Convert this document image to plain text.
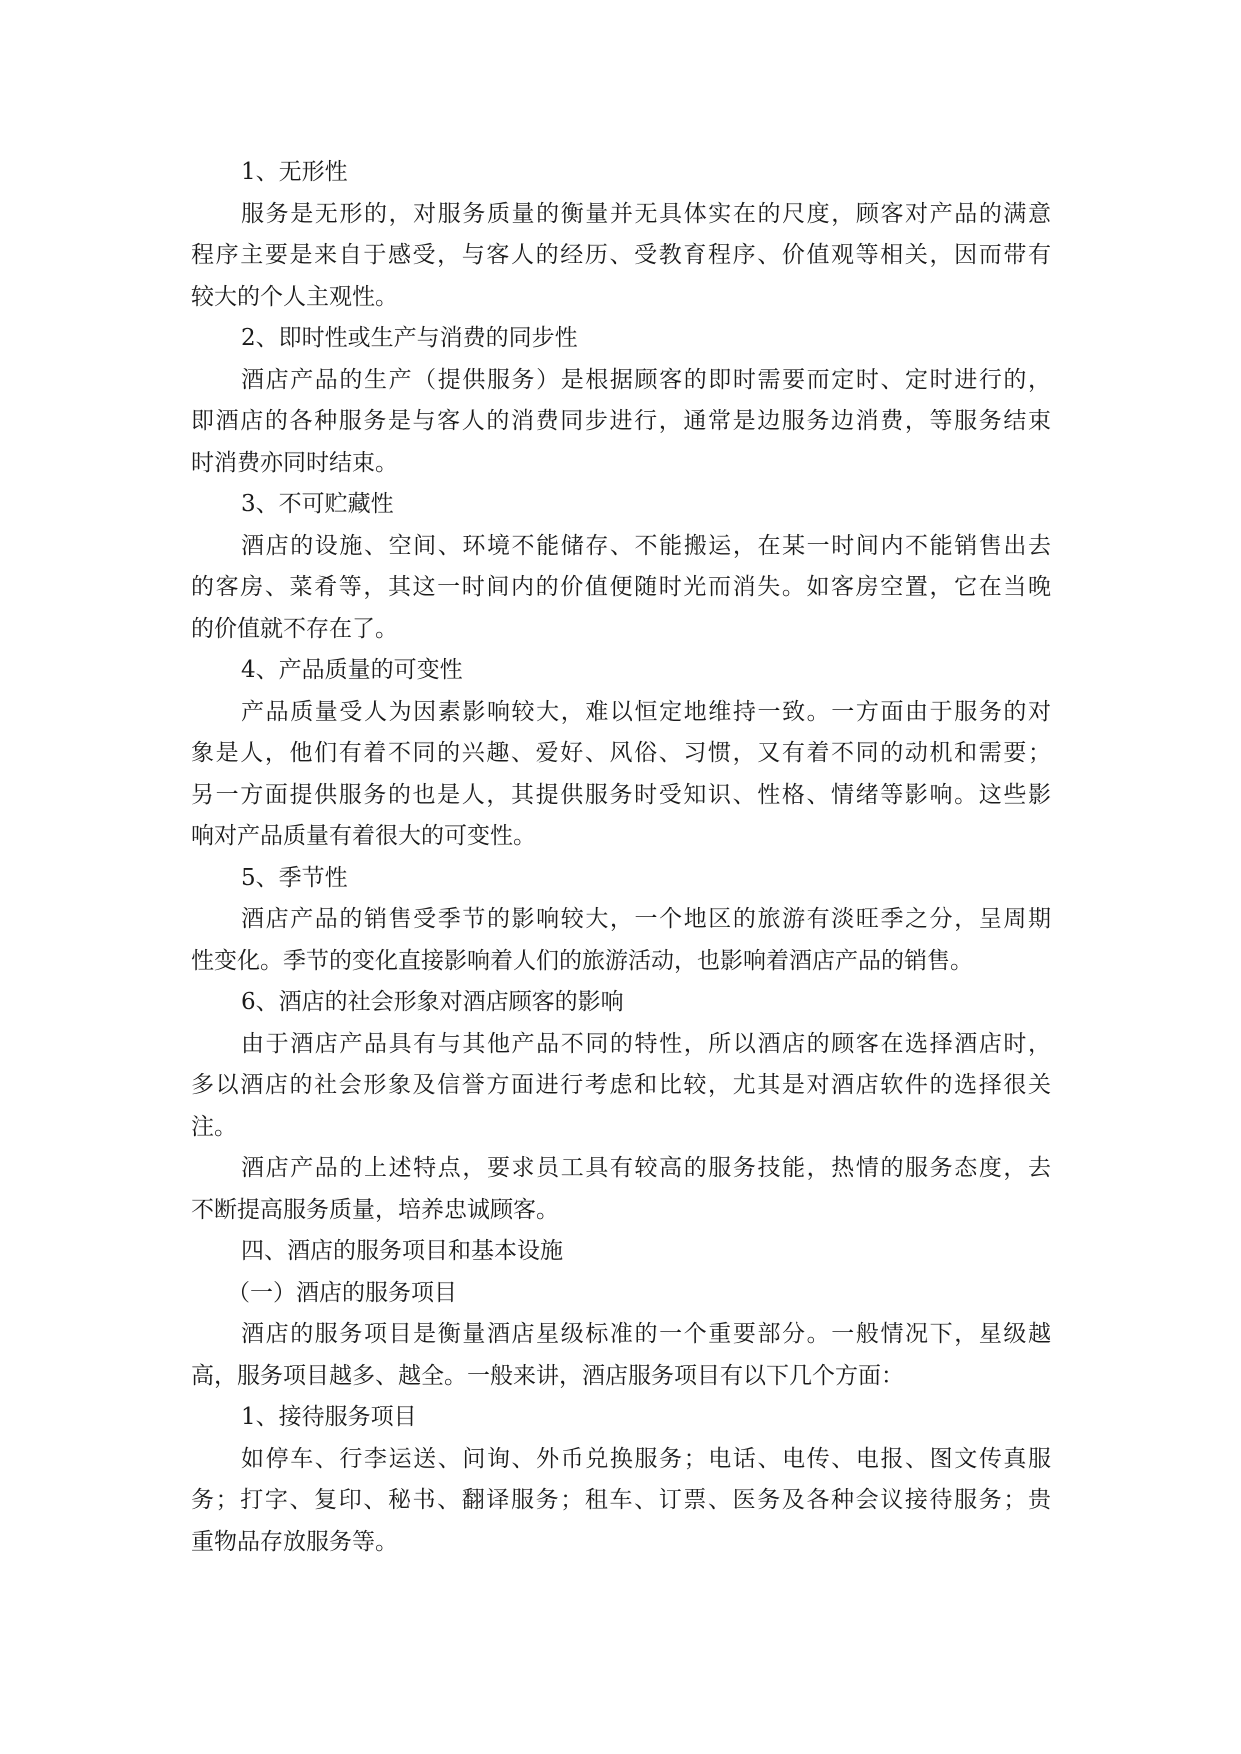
1、无形性
服务是无形的，对服务质量的衡量并无具体实在的尺度，顾客对产品的满意
程序主要是来自于感受，与客人的经历、受教育程序、价值观等相关，因而带有
较大的个人主观性。
2、即时性或生产与消费的同步性
酒店产品的生产（提供服务）是根据顾客的即时需要而定时、定时进行的，
即酒店的各种服务是与客人的消费同步进行，通常是边服务边消费，等服务结束
时消费亦同时结束。
3、不可贮藏性
酒店的设施、空间、环境不能储存、不能搬运，在某一时间内不能销售出去
的客房、菜肴等，其这一时间内的价值便随时光而消失。如客房空置，它在当晚
的价值就不存在了。
4、产品质量的可变性
产品质量受人为因素影响较大，难以恒定地维持一致。一方面由于服务的对
象是人，他们有着不同的兴趣、爱好、风俗、习惯，又有着不同的动机和需要；
另一方面提供服务的也是人，其提供服务时受知识、性格、情绪等影响。这些影
响对产品质量有着很大的可变性。
5、季节性
酒店产品的销售受季节的影响较大，一个地区的旅游有淡旺季之分，呈周期
性变化。季节的变化直接影响着人们的旅游活动，也影响着酒店产品的销售。
6、酒店的社会形象对酒店顾客的影响
由于酒店产品具有与其他产品不同的特性，所以酒店的顾客在选择酒店时，
多以酒店的社会形象及信誉方面进行考虑和比较，尤其是对酒店软件的选择很关
注。
酒店产品的上述特点，要求员工具有较高的服务技能，热情的服务态度，去
不断提高服务质量，培养忠诚顾客。
四、酒店的服务项目和基本设施
（一）酒店的服务项目
酒店的服务项目是衡量酒店星级标准的一个重要部分。一般情况下，星级越
高，服务项目越多、越全。一般来讲，酒店服务项目有以下几个方面：
1、接待服务项目
如停车、行李运送、问询、外币兑换服务；电话、电传、电报、图文传真服
务；打字、复印、秘书、翻译服务；租车、订票、医务及各种会议接待服务；贵
重物品存放服务等。
